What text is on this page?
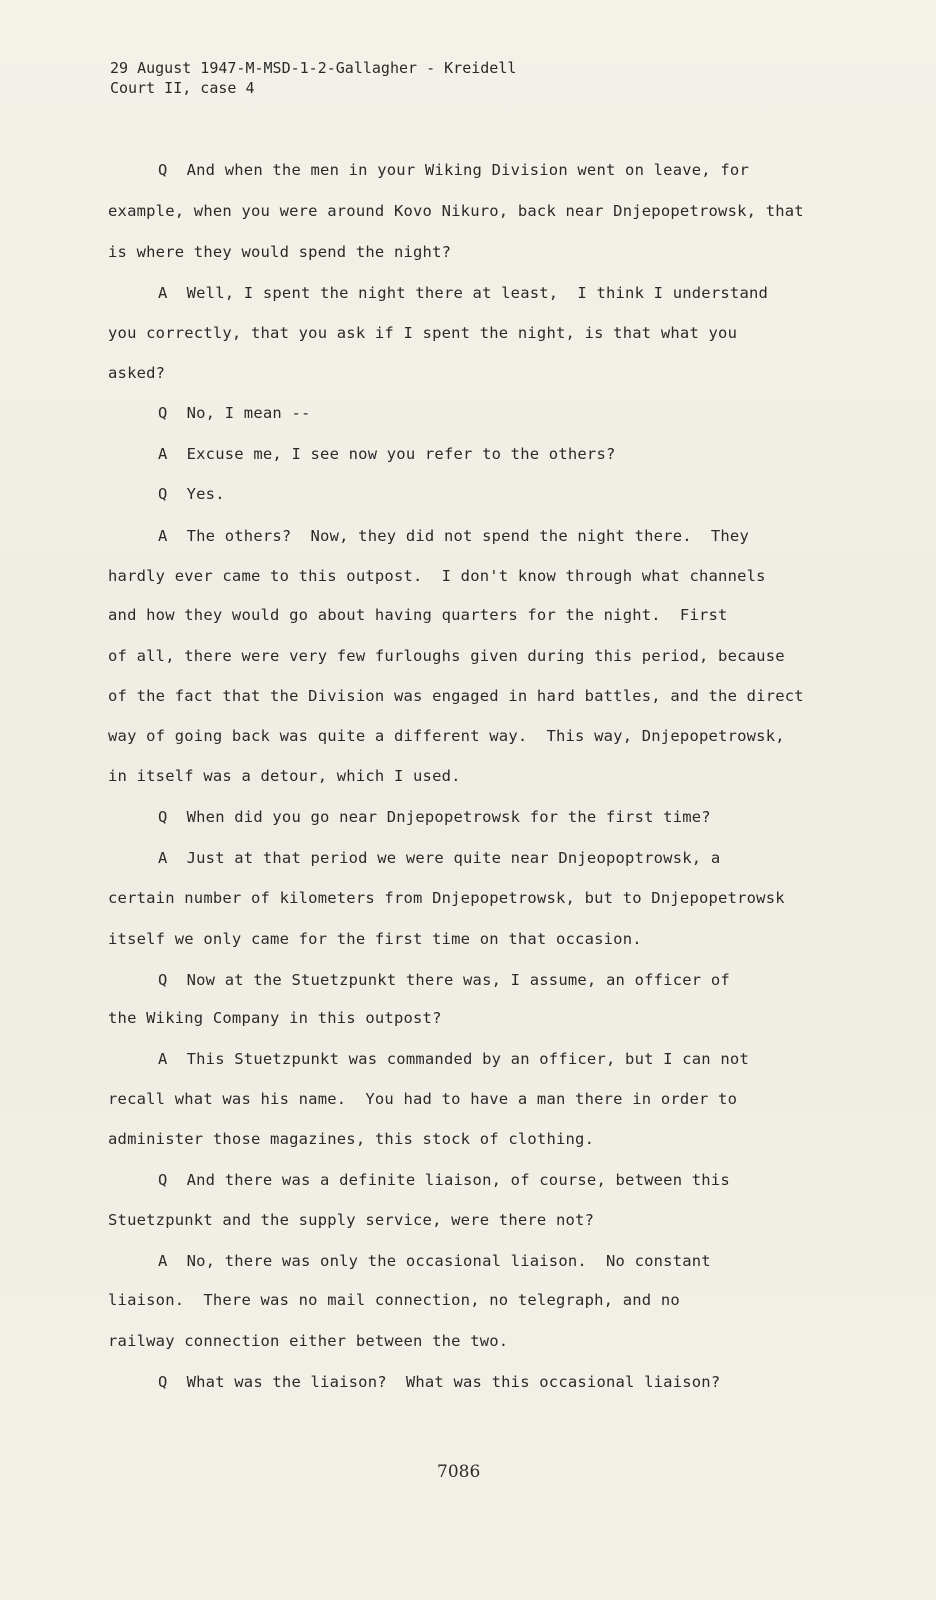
29 August 1947-M-MSD-1-2-Gallagher - Kreidell
Court II, case 4
Q  And when the men in your Wiking Division went on leave, for
example, when you were around Kovo Nikuro, back near Dnjepopetrowsk, that
is where they would spend the night?
A  Well, I spent the night there at least,  I think I understand
you correctly, that you ask if I spent the night, is that what you
asked?
Q  No, I mean --
A  Excuse me, I see now you refer to the others?
Q  Yes.
A  The others?  Now, they did not spend the night there.  They
hardly ever came to this outpost.  I don't know through what channels
and how they would go about having quarters for the night.  First
of all, there were very few furloughs given during this period, because
of the fact that the Division was engaged in hard battles, and the direct
way of going back was quite a different way.  This way, Dnjepopetrowsk,
in itself was a detour, which I used.
Q  When did you go near Dnjepopetrowsk for the first time?
A  Just at that period we were quite near Dnjeopoptrowsk, a
certain number of kilometers from Dnjepopetrowsk, but to Dnjepopetrowsk
itself we only came for the first time on that occasion.
Q  Now at the Stuetzpunkt there was, I assume, an officer of
the Wiking Company in this outpost?
A  This Stuetzpunkt was commanded by an officer, but I can not
recall what was his name.  You had to have a man there in order to
administer those magazines, this stock of clothing.
Q  And there was a definite liaison, of course, between this
Stuetzpunkt and the supply service, were there not?
A  No, there was only the occasional liaison.  No constant
liaison.  There was no mail connection, no telegraph, and no
railway connection either between the two.
Q  What was the liaison?  What was this occasional liaison?
7086
